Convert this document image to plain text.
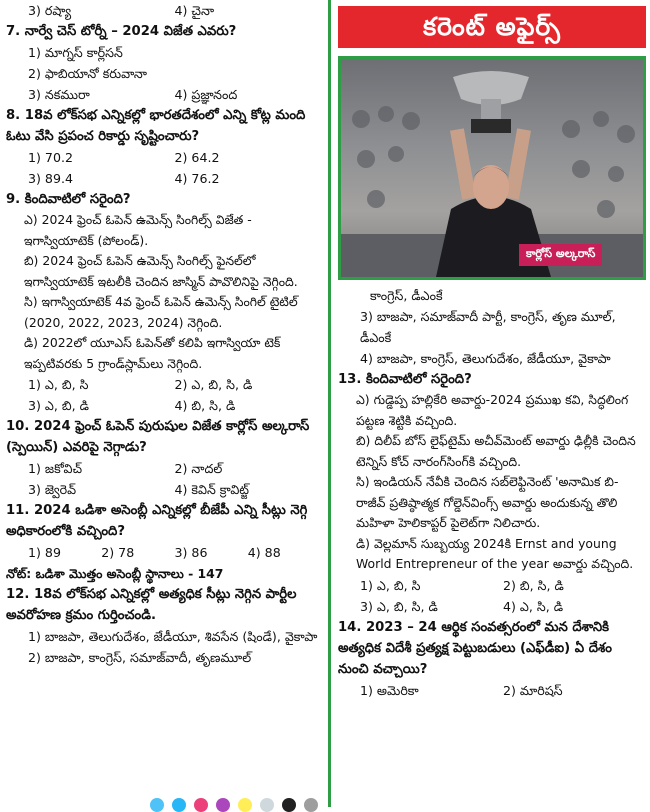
3) రష్యా	4) చైనా
7. నార్వే చెస్ టోర్నీ – 2024 విజేత ఎవరు?
1) మాగ్నస్ కార్ల్‌సన్
2) ఫాబియానో కరువానా
3) నకమురా	4) ప్రజ్ఞానంద
8. 18వ లోక్‌సభ ఎన్నికల్లో భారతదేశంలో ఎన్ని కోట్ల మంది ఓటు వేసి ప్రపంచ రికార్డు సృష్టించారు?
1) 70.2	2) 64.2
3) 89.4	4) 76.2
9. కిందివాటిలో సరైంది?
ఎ) 2024 ఫ్రెంచ్ ఓపెన్ ఉమెన్స్ సింగిల్స్ విజేత - ఇగాస్వియాటెక్ (పోలండ్).
బి) 2024 ఫ్రెంచ్ ఓపెన్ ఉమెన్స్ సింగిల్స్ ఫైనల్‌లో ఇగాస్వియాటెక్ ఇటలీకి చెందిన జాస్మిన్ పావొలినిపై నెగ్గింది.
సి) ఇగాస్వియాటెక్ 4వ ఫ్రెంచ్ ఓపెన్ ఉమెన్స్ సింగిల్ టైటిల్ (2020, 2022, 2023, 2024) నెగ్గింది.
డి) 2022లో యూఎస్ ఓపెన్‌తో కలిపి ఇగాస్వియా టెక్ ఇప్పటివరకు 5 గ్రాండ్‌స్లామ్‌లు నెగ్గింది.
1) ఎ, బి, సి	2) ఎ, బి, సి, డి
3) ఎ, బి, డి	4) బి, సి, డి
10. 2024 ఫ్రెంచ్ ఓపెన్ పురుషుల విజేత కార్లోస్ అల్కరాస్ (స్పెయిన్) ఎవరిపై నెగ్గాడు?
1) జకోవిచ్	2) నాదల్
3) జ్వెరెవ్	4) కెవిన్ క్రావిట్జ్
11. 2024 ఒడిశా అసెంబ్లీ ఎన్నికల్లో బీజేపీ ఎన్ని సీట్లు నెగ్గి అధికారంలోకి వచ్చింది?
1) 89	2) 78	3) 86	4) 88
నోట్: ఒడిశా మొత్తం అసెంబ్లీ స్థానాలు - 147
12. 18వ లోక్‌సభ ఎన్నికల్లో అత్యధిక సీట్లు నెగ్గిన పార్టీల అవరోహణ క్రమం గుర్తించండి.
1) బాజపా, తెలుగుదేశం, జేడీయూ, శివసేన (షిండే), వైకాపా
2) బాజపా, కాంగ్రెస్, సమాజ్‌వాదీ, తృణమూల్
కరెంట్ అఫైర్స్
కార్లోస్ అల్కరాస్
కాంగ్రెస్, డీఎంకే
3) బాజపా, సమాజ్‌వాదీ పార్టీ, కాంగ్రెస్, తృణ మూల్, డీఎంకే
4) బాజపా, కాంగ్రెస్, తెలుగుదేశం, జేడీయూ, వైకాపా
13. కిందివాటిలో సరైంది?
ఎ) గుడ్డెప్ప హల్లికేరి అవార్డు-2024 ప్రముఖ కవి, సిద్ధలింగ పట్టణ శెట్టికి వచ్చింది.
బి) దిలీప్ బోస్ లైఫ్‌టైమ్ అచీవ్‌మెంట్ అవార్డు ఢిల్లీకి చెందిన టెన్నిస్ కోచ్ నారంగ్‌సింగ్‌కి వచ్చింది.
సి) ఇండియన్ నేవీకి చెందిన సబ్‌లెఫ్టినెంట్ 'అనామిక బి-రాజీవ్ ప్రతిష్ఠాత్మక గోల్డెన్‌వింగ్స్ అవార్డు అందుకున్న తొలి మహిళా హెలికాప్టర్ పైలెట్‌గా నిలిచారు.
డి) వెల్లమాన్ సుబ్బయ్య 2024కి Ernst and young World Entrepreneur of the year అవార్డు వచ్చింది.
1) ఎ, బి, సి	2) బి, సి, డి
3) ఎ, బి, సి, డి	4) ఎ, సి, డి
14. 2023 – 24 ఆర్థిక సంవత్సరంలో మన దేశానికి అత్యధిక విదేశీ ప్రత్యక్ష పెట్టుబడులు (ఎఫ్‌డీఐ) ఏ దేశం నుంచి వచ్చాయి?
1) అమెరికా	2) మారిషస్
